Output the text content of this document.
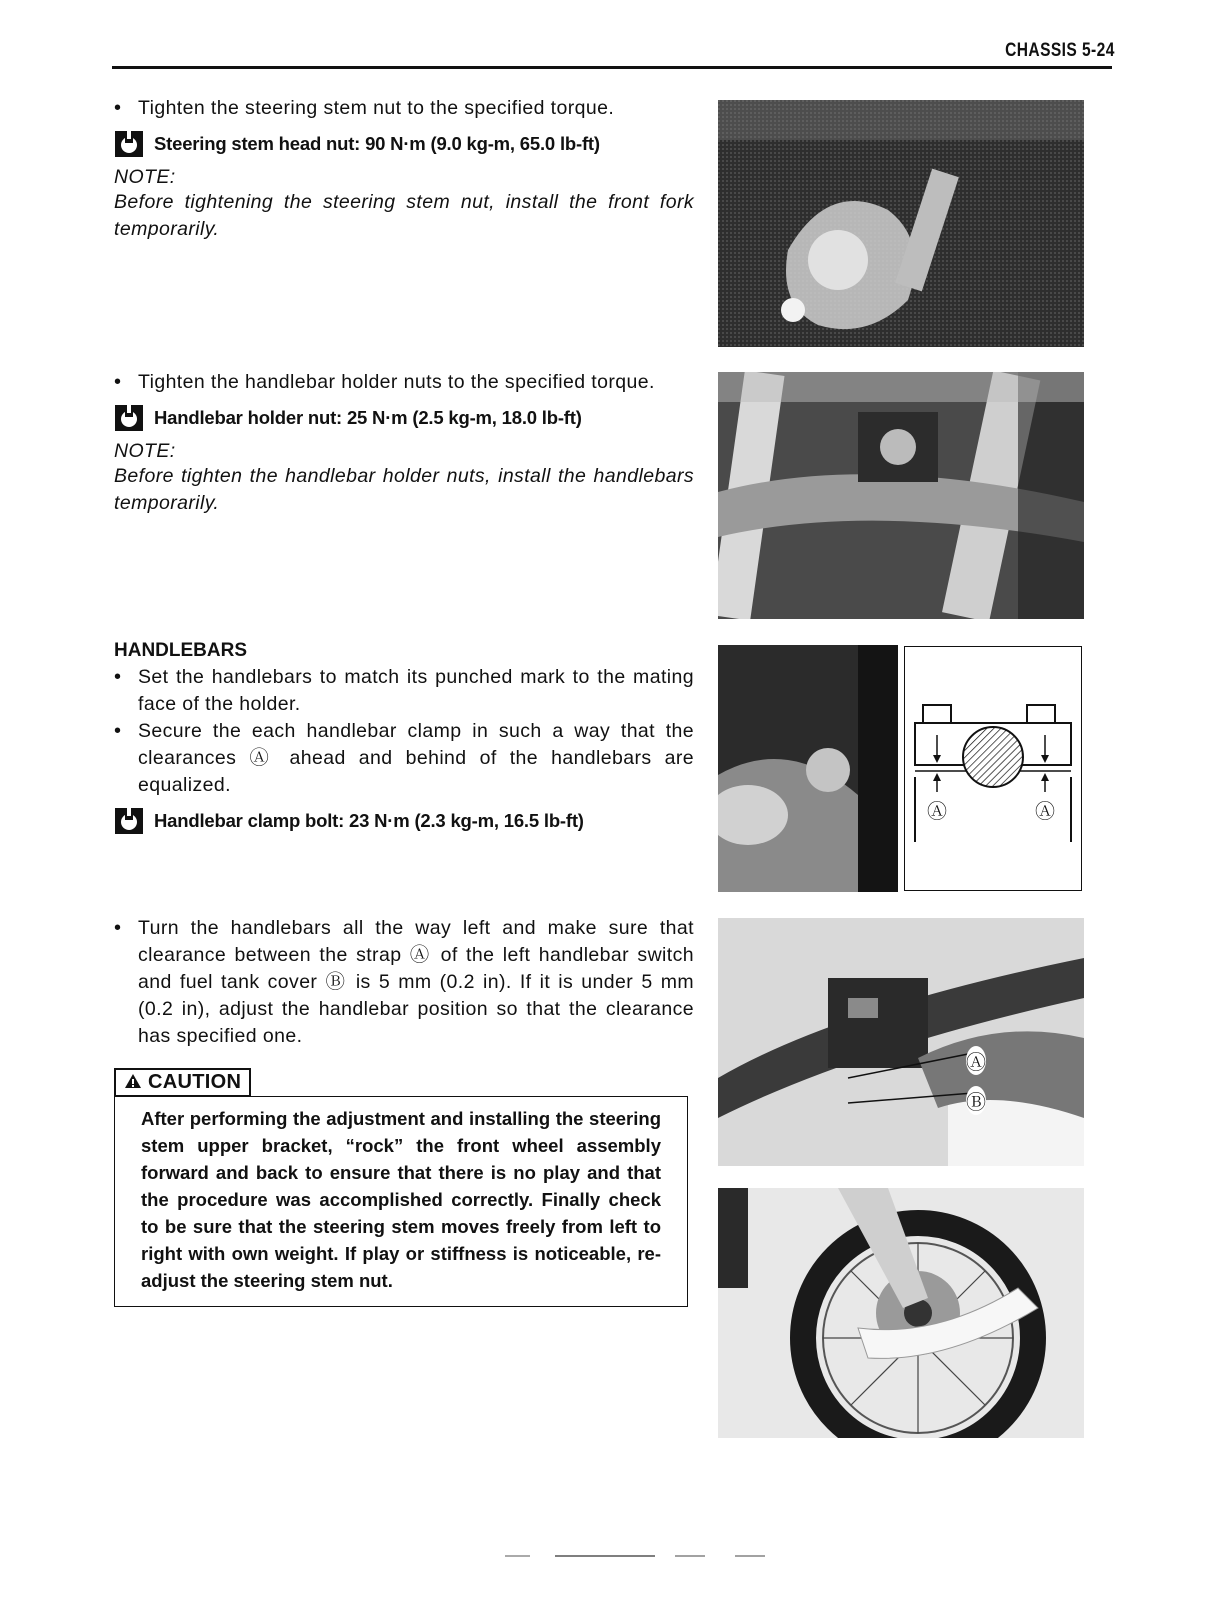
CHASSIS 5-24
• Tighten the steering stem nut to the specified torque.
Steering stem head nut: 90 N·m (9.0 kg-m, 65.0 lb-ft)
NOTE:
Before tightening the steering stem nut, install the front fork temporarily.
• Tighten the handlebar holder nuts to the specified torque.
Handlebar holder nut: 25 N·m (2.5 kg-m, 18.0 lb-ft)
NOTE:
Before tighten the handlebar holder nuts, install the handlebars temporarily.
HANDLEBARS
• Set the handlebars to match its punched mark to the mating face of the holder.
• Secure the each handlebar clamp in such a way that the clearances Ⓐ ahead and behind of the handlebars are equalized.
Handlebar clamp bolt: 23 N·m (2.3 kg-m, 16.5 lb-ft)
• Turn the handlebars all the way left and make sure that clearance between the strap Ⓐ of the left handlebar switch and fuel tank cover Ⓑ is 5 mm (0.2 in). If it is under 5 mm (0.2 in), adjust the handlebar position so that the clearance has specified one.
CAUTION
After performing the adjustment and installing the steering stem upper bracket, “rock” the front wheel assembly forward and back to ensure that there is no play and that the procedure was accomplished correctly. Finally check to be sure that the steering stem moves freely from left to right with own weight. If play or stiffness is noticeable, re-adjust the steering stem nut.
Ⓐ	Ⓐ
Ⓐ
Ⓑ
